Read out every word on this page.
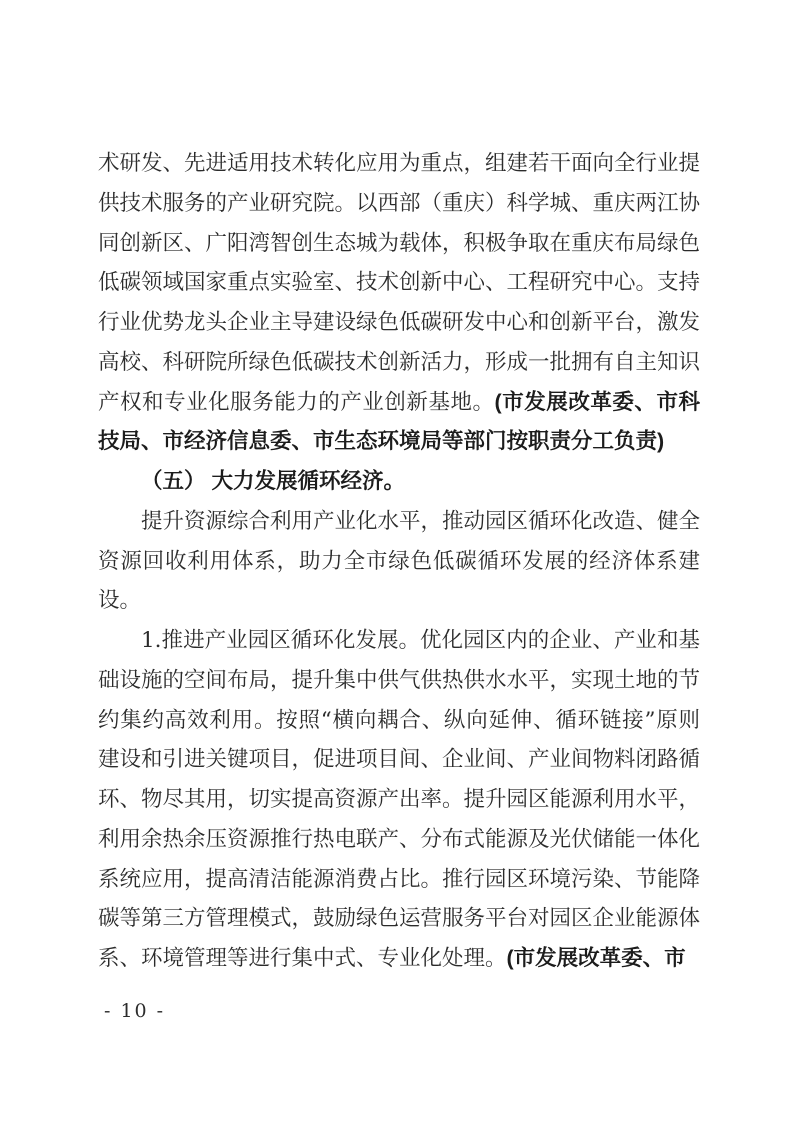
术研发、先进适用技术转化应用为重点，组建若干面向全行业提供技术服务的产业研究院。以西部（重庆）科学城、重庆两江协同创新区、广阳湾智创生态城为载体，积极争取在重庆布局绿色低碳领域国家重点实验室、技术创新中心、工程研究中心。支持行业优势龙头企业主导建设绿色低碳研发中心和创新平台，激发高校、科研院所绿色低碳技术创新活力，形成一批拥有自主知识产权和专业化服务能力的产业创新基地。(市发展改革委、市科技局、市经济信息委、市生态环境局等部门按职责分工负责)

（五） 大力发展循环经济。

提升资源综合利用产业化水平，推动园区循环化改造、健全资源回收利用体系，助力全市绿色低碳循环发展的经济体系建设。

1.推进产业园区循环化发展。优化园区内的企业、产业和基础设施的空间布局，提升集中供气供热供水水平，实现土地的节约集约高效利用。按照“横向耦合、纵向延伸、循环链接”原则建设和引进关键项目，促进项目间、企业间、产业间物料闭路循环、物尽其用，切实提高资源产出率。提升园区能源利用水平，利用余热余压资源推行热电联产、分布式能源及光伏储能一体化系统应用，提高清洁能源消费占比。推行园区环境污染、节能降碳等第三方管理模式，鼓励绿色运营服务平台对园区企业能源体系、环境管理等进行集中式、专业化处理。(市发展改革委、市

- 10 -
